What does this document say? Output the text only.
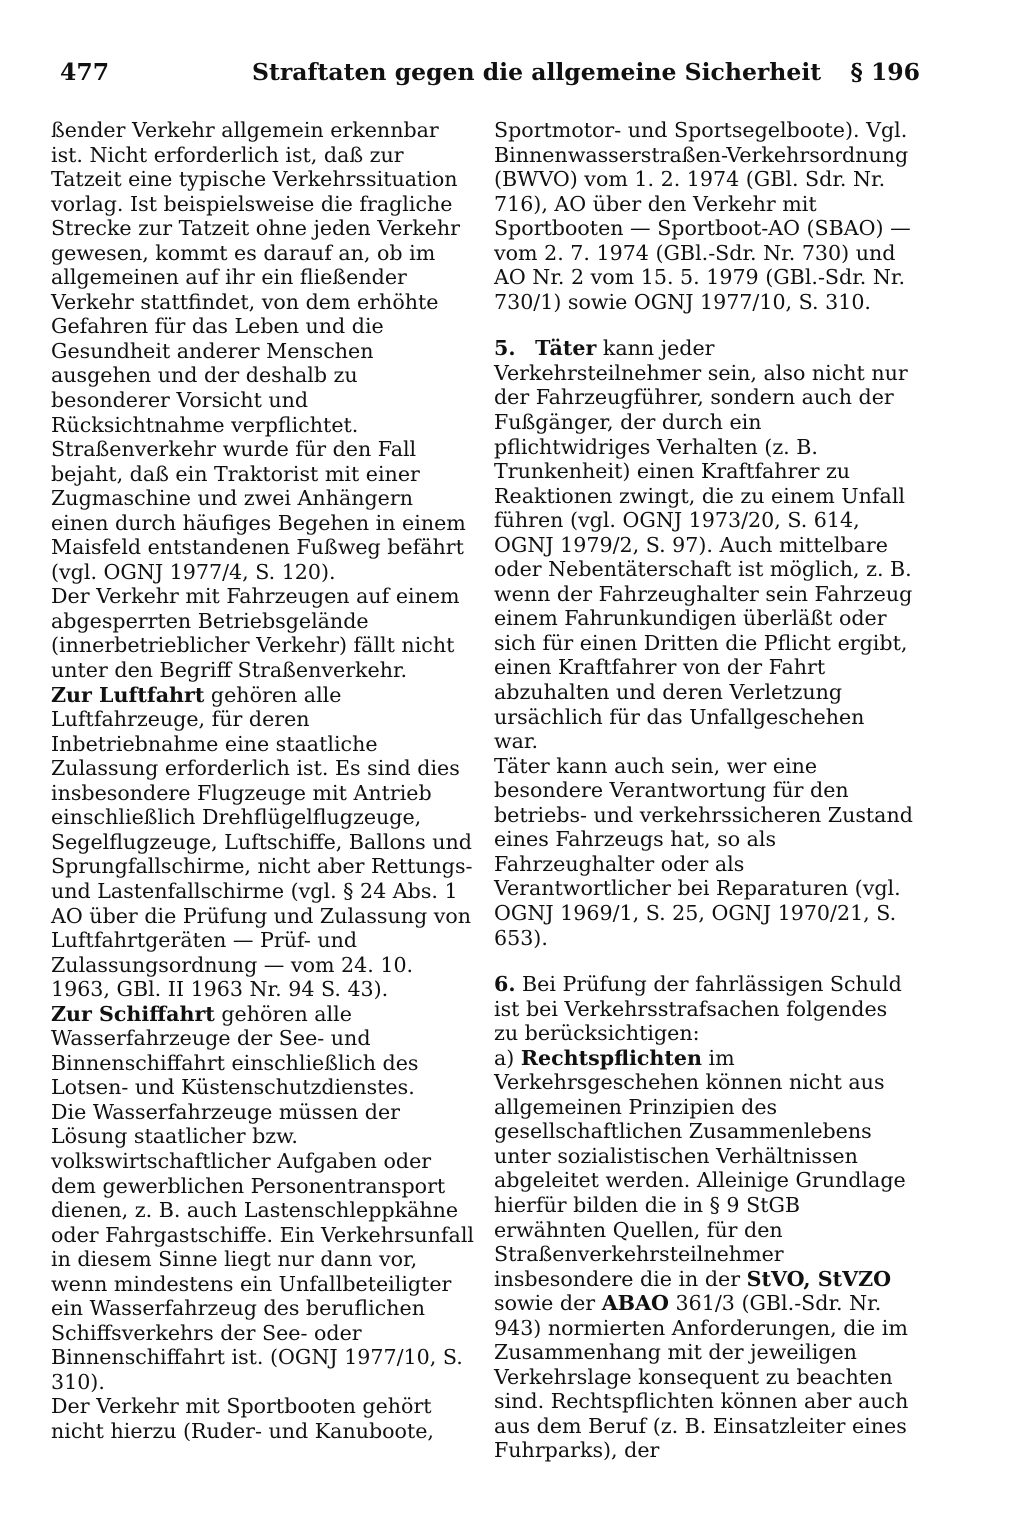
477	Straftaten gegen die allgemeine Sicherheit § 196

ßender Verkehr allgemein erkennbar ist. Nicht erforderlich ist, daß zur Tatzeit eine typische Verkehrssituation vorlag. Ist beispielsweise die fragliche Strecke zur Tatzeit ohne jeden Verkehr gewesen, kommt es darauf an, ob im allgemeinen auf ihr ein fließender Verkehr stattfindet, von dem erhöhte Gefahren für das Leben und die Gesundheit anderer Menschen ausgehen und der deshalb zu besonderer Vorsicht und Rücksichtnahme verpflichtet.

Straßenverkehr wurde für den Fall bejaht, daß ein Traktorist mit einer Zugmaschine und zwei Anhängern einen durch häufiges Begehen in einem Maisfeld entstandenen Fußweg befährt (vgl. OGNJ 1977/4, S. 120).

Der Verkehr mit Fahrzeugen auf einem abgesperrten Betriebsgelände (innerbetrieblicher Verkehr) fällt nicht unter den Begriff Straßenverkehr.

Zur Luftfahrt gehören alle Luftfahrzeuge, für deren Inbetriebnahme eine staatliche Zulassung erforderlich ist. Es sind dies insbesondere Flugzeuge mit Antrieb einschließlich Drehflügelflugzeuge, Segelflugzeuge, Luftschiffe, Ballons und Sprungfallschirme, nicht aber Rettungs- und Lastenfallschirme (vgl. § 24 Abs. 1 AO über die Prüfung und Zulassung von Luftfahrtgeräten — Prüf- und Zulassungsordnung — vom 24. 10. 1963, GBl. II 1963 Nr. 94 S. 43).

Zur Schiffahrt gehören alle Wasserfahrzeuge der See- und Binnenschiffahrt einschließlich des Lotsen- und Küstenschutzdienstes.

Die Wasserfahrzeuge müssen der Lösung staatlicher bzw. volkswirtschaftlicher Aufgaben oder dem gewerblichen Personentransport dienen, z. B. auch Lastenschleppkähne oder Fahrgastschiffe. Ein Verkehrsunfall in diesem Sinne liegt nur dann vor, wenn mindestens ein Unfallbeteiligter ein Wasserfahrzeug des beruflichen Schiffsverkehrs der See- oder Binnenschiffahrt ist. (OGNJ 1977/10, S. 310).

Der Verkehr mit Sportbooten gehört nicht hierzu (Ruder- und Kanuboote,

Sportmotor- und Sportsegelboote). Vgl. Binnenwasserstraßen-Verkehrsordnung (BWVO) vom 1. 2. 1974 (GBl. Sdr. Nr. 716), AO über den Verkehr mit Sportbooten — Sportboot-AO (SBAO) — vom 2. 7. 1974 (GBl.-Sdr. Nr. 730) und AO Nr. 2 vom 15. 5. 1979 (GBl.-Sdr. Nr. 730/1) sowie OGNJ 1977/10, S. 310.

5. Täter kann jeder Verkehrsteilnehmer sein, also nicht nur der Fahrzeugführer, sondern auch der Fußgänger, der durch ein pflichtwidriges Verhalten (z. B. Trunkenheit) einen Kraftfahrer zu Reaktionen zwingt, die zu einem Unfall führen (vgl. OGNJ 1973/20, S. 614, OGNJ 1979/2, S. 97). Auch mittelbare oder Nebentäterschaft ist möglich, z. B. wenn der Fahrzeughalter sein Fahrzeug einem Fahrunkundigen überläßt oder sich für einen Dritten die Pflicht ergibt, einen Kraftfahrer von der Fahrt abzuhalten und deren Verletzung ursächlich für das Unfallgeschehen war.

Täter kann auch sein, wer eine besondere Verantwortung für den betriebs- und verkehrssicheren Zustand eines Fahrzeugs hat, so als Fahrzeughalter oder als Verantwortlicher bei Reparaturen (vgl. OGNJ 1969/1, S. 25, OGNJ 1970/21, S. 653).

6. Bei Prüfung der fahrlässigen Schuld ist bei Verkehrsstrafsachen folgendes zu berücksichtigen:

a) Rechtspflichten im Verkehrsgeschehen können nicht aus allgemeinen Prinzipien des gesellschaftlichen Zusammenlebens unter sozialistischen Verhältnissen abgeleitet werden. Alleinige Grundlage hierfür bilden die in § 9 StGB erwähnten Quellen, für den Straßenverkehrsteilnehmer insbesondere die in der StVO, StVZO sowie der ABAO 361/3 (GBl.-Sdr. Nr. 943) normierten Anforderungen, die im Zusammenhang mit der jeweiligen Verkehrslage konsequent zu beachten sind. Rechtspflichten können aber auch aus dem Beruf (z. B. Einsatzleiter eines Fuhrparks), der
